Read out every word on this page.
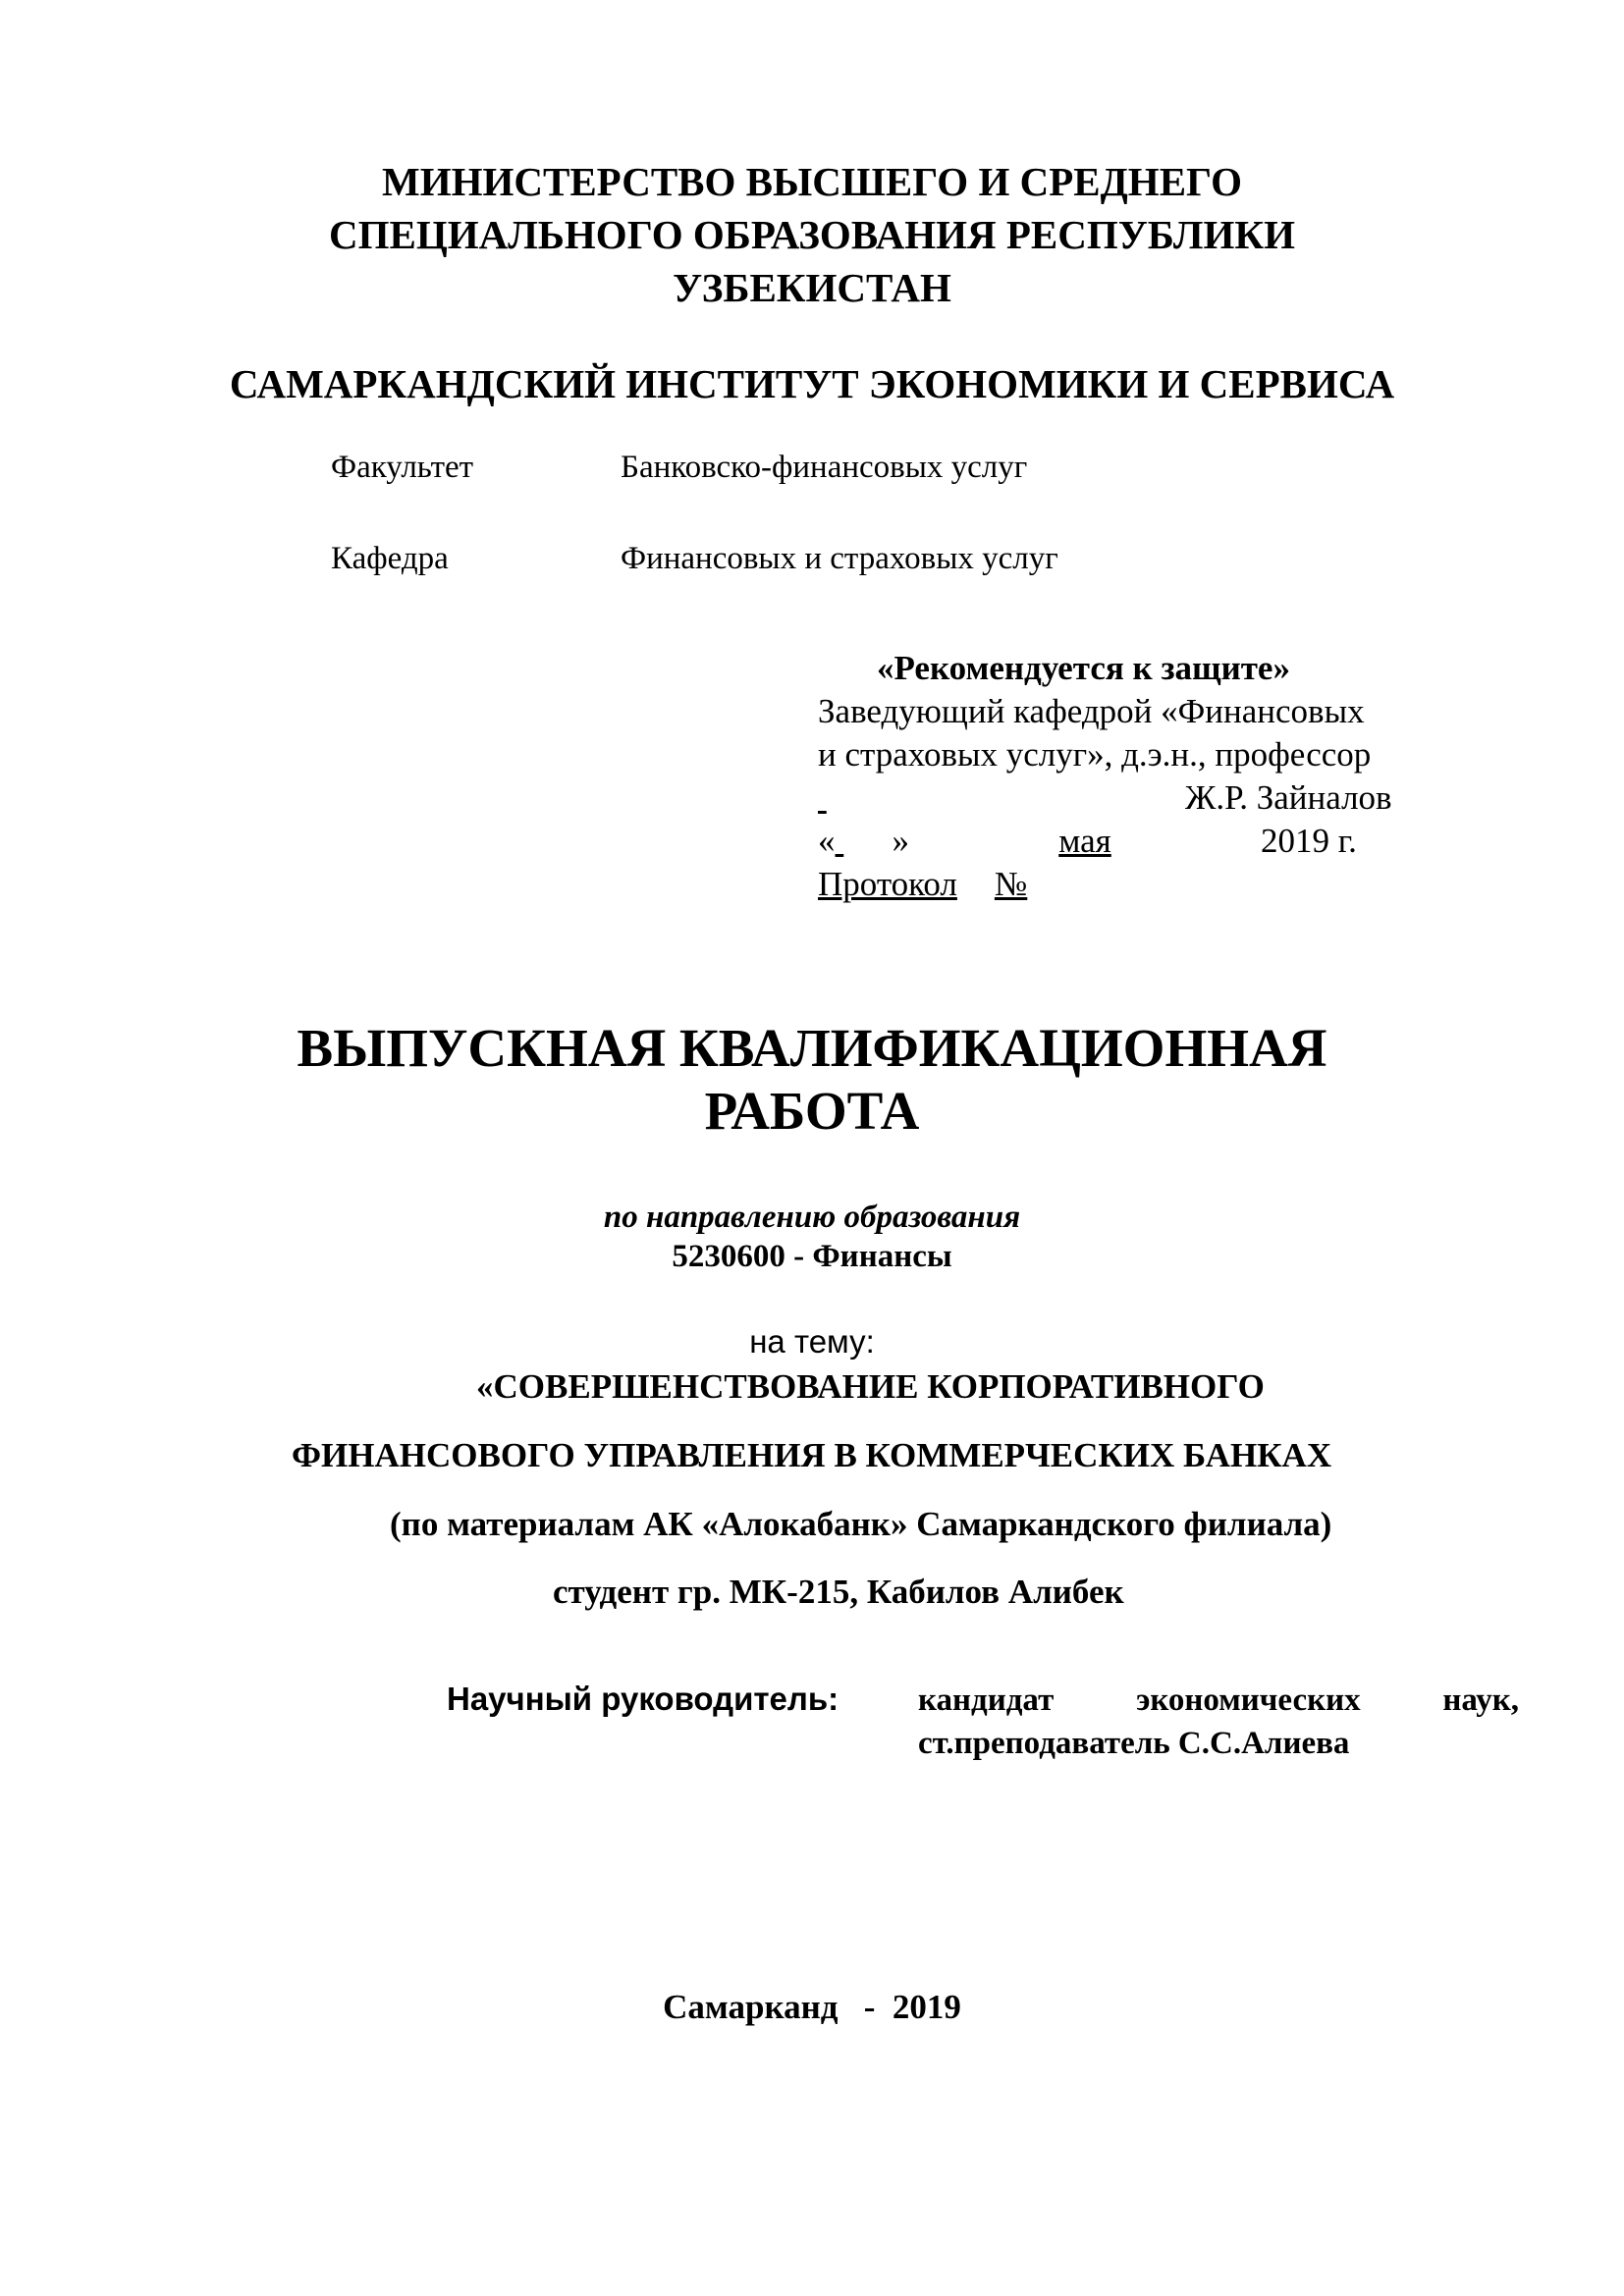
МИНИСТЕРСТВО ВЫСШЕГО И СРЕДНЕГО
СПЕЦИАЛЬНОГО ОБРАЗОВАНИЯ РЕСПУБЛИКИ
УЗБЕКИСТАН
САМАРКАНДСКИЙ ИНСТИТУТ ЭКОНОМИКИ И СЕРВИСА
Факультет	Банковско-финансовых услуг
Кафедра	Финансовых и страховых услуг
«Рекомендуется к защите»
Заведующий кафедрой «Финансовых
и страховых услуг», д.э.н., профессор
Ж.Р. Зайналов
« »	мая	2019 г.
Протокол №
ВЫПУСКНАЯ КВАЛИФИКАЦИОННАЯ
РАБОТА
по направлению образования
5230600 - Финансы
на тему:
«СОВЕРШЕНСТВОВАНИЕ КОРПОРАТИВНОГО
ФИНАНСОВОГО УПРАВЛЕНИЯ В КОММЕРЧЕСКИХ БАНКАХ
(по материалам АК «Алокабанк» Самаркандского филиала)
студент гр. МК-215, Кабилов Алибек
Научный руководитель: кандидат экономических наук,
ст.преподаватель С.С.Алиева
Самарканд   -  2019
